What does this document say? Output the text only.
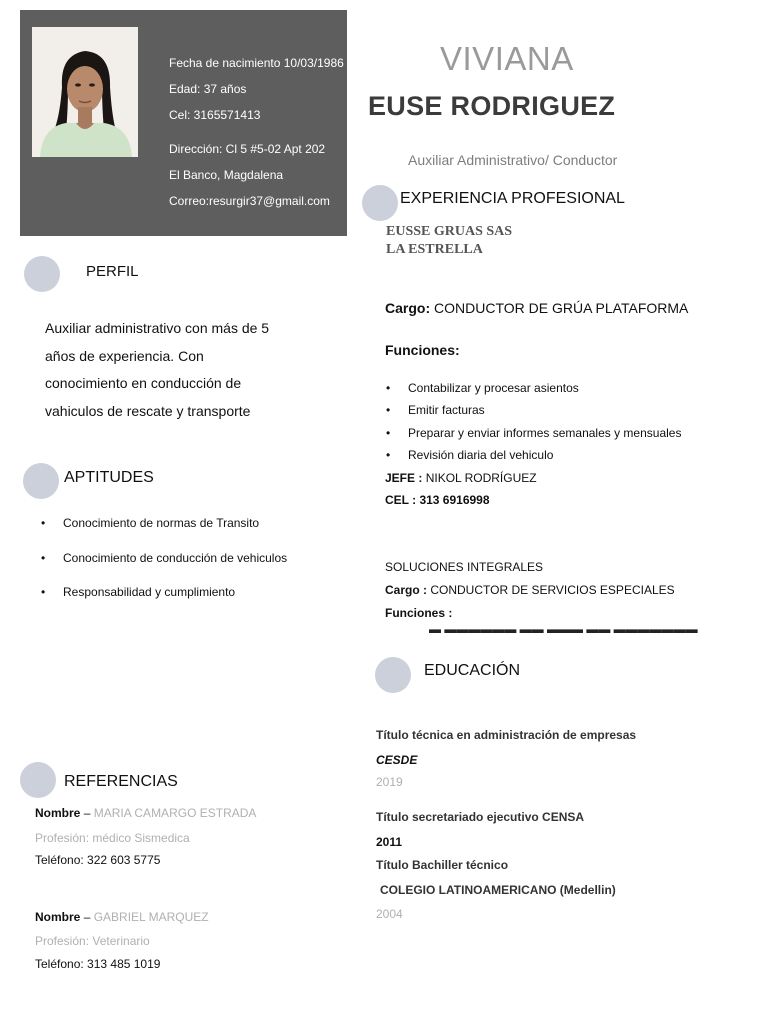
Fecha de nacimiento 10/03/1986
Edad: 37 años
Cel: 3165571413
Dirección: Cl 5 #5-02 Apt 202
El Banco, Magdalena
Correo:resurgir37@gmail.com
VIVIANA
EUSE RODRIGUEZ
Auxiliar Administrativo/ Conductor
PERFIL
Auxiliar administrativo con más de 5
años de experiencia. Con
conocimiento en conducción de
vahiculos de rescate y transporte
APTITUDES
• Conocimiento de normas de Transito
• Conocimiento de conducción de vehiculos
• Responsabilidad y cumplimiento
REFERENCIAS
Nombre – MARIA CAMARGO ESTRADA
Profesión: médico Sismedica
Teléfono: 322 603 5775
Nombre – GABRIEL MARQUEZ
Profesión: Veterinario
Teléfono: 313 485 1019
EXPERIENCIA PROFESIONAL
EUSSE GRUAS SAS
LA ESTRELLA
Cargo: CONDUCTOR DE GRÚA PLATAFORMA
Funciones:
• Contabilizar y procesar asientos
• Emitir facturas
• Preparar y enviar informes semanales y mensuales
• Revisión diaria del vehiculo
JEFE : NIKOL RODRÍGUEZ
CEL : 313 6916998
SOLUCIONES INTEGRALES
Cargo : CONDUCTOR DE SERVICIOS ESPECIALES
Funciones :
▬ ▬▬▬▬▬▬ ▬▬ ▬▬▬ ▬▬ ▬▬▬▬▬▬▬
EDUCACIÓN
Título técnica en administración de empresas
CESDE
2019
Título secretariado ejecutivo CENSA
2011
Título Bachiller técnico
COLEGIO LATINOAMERICANO (Medellin)
2004
